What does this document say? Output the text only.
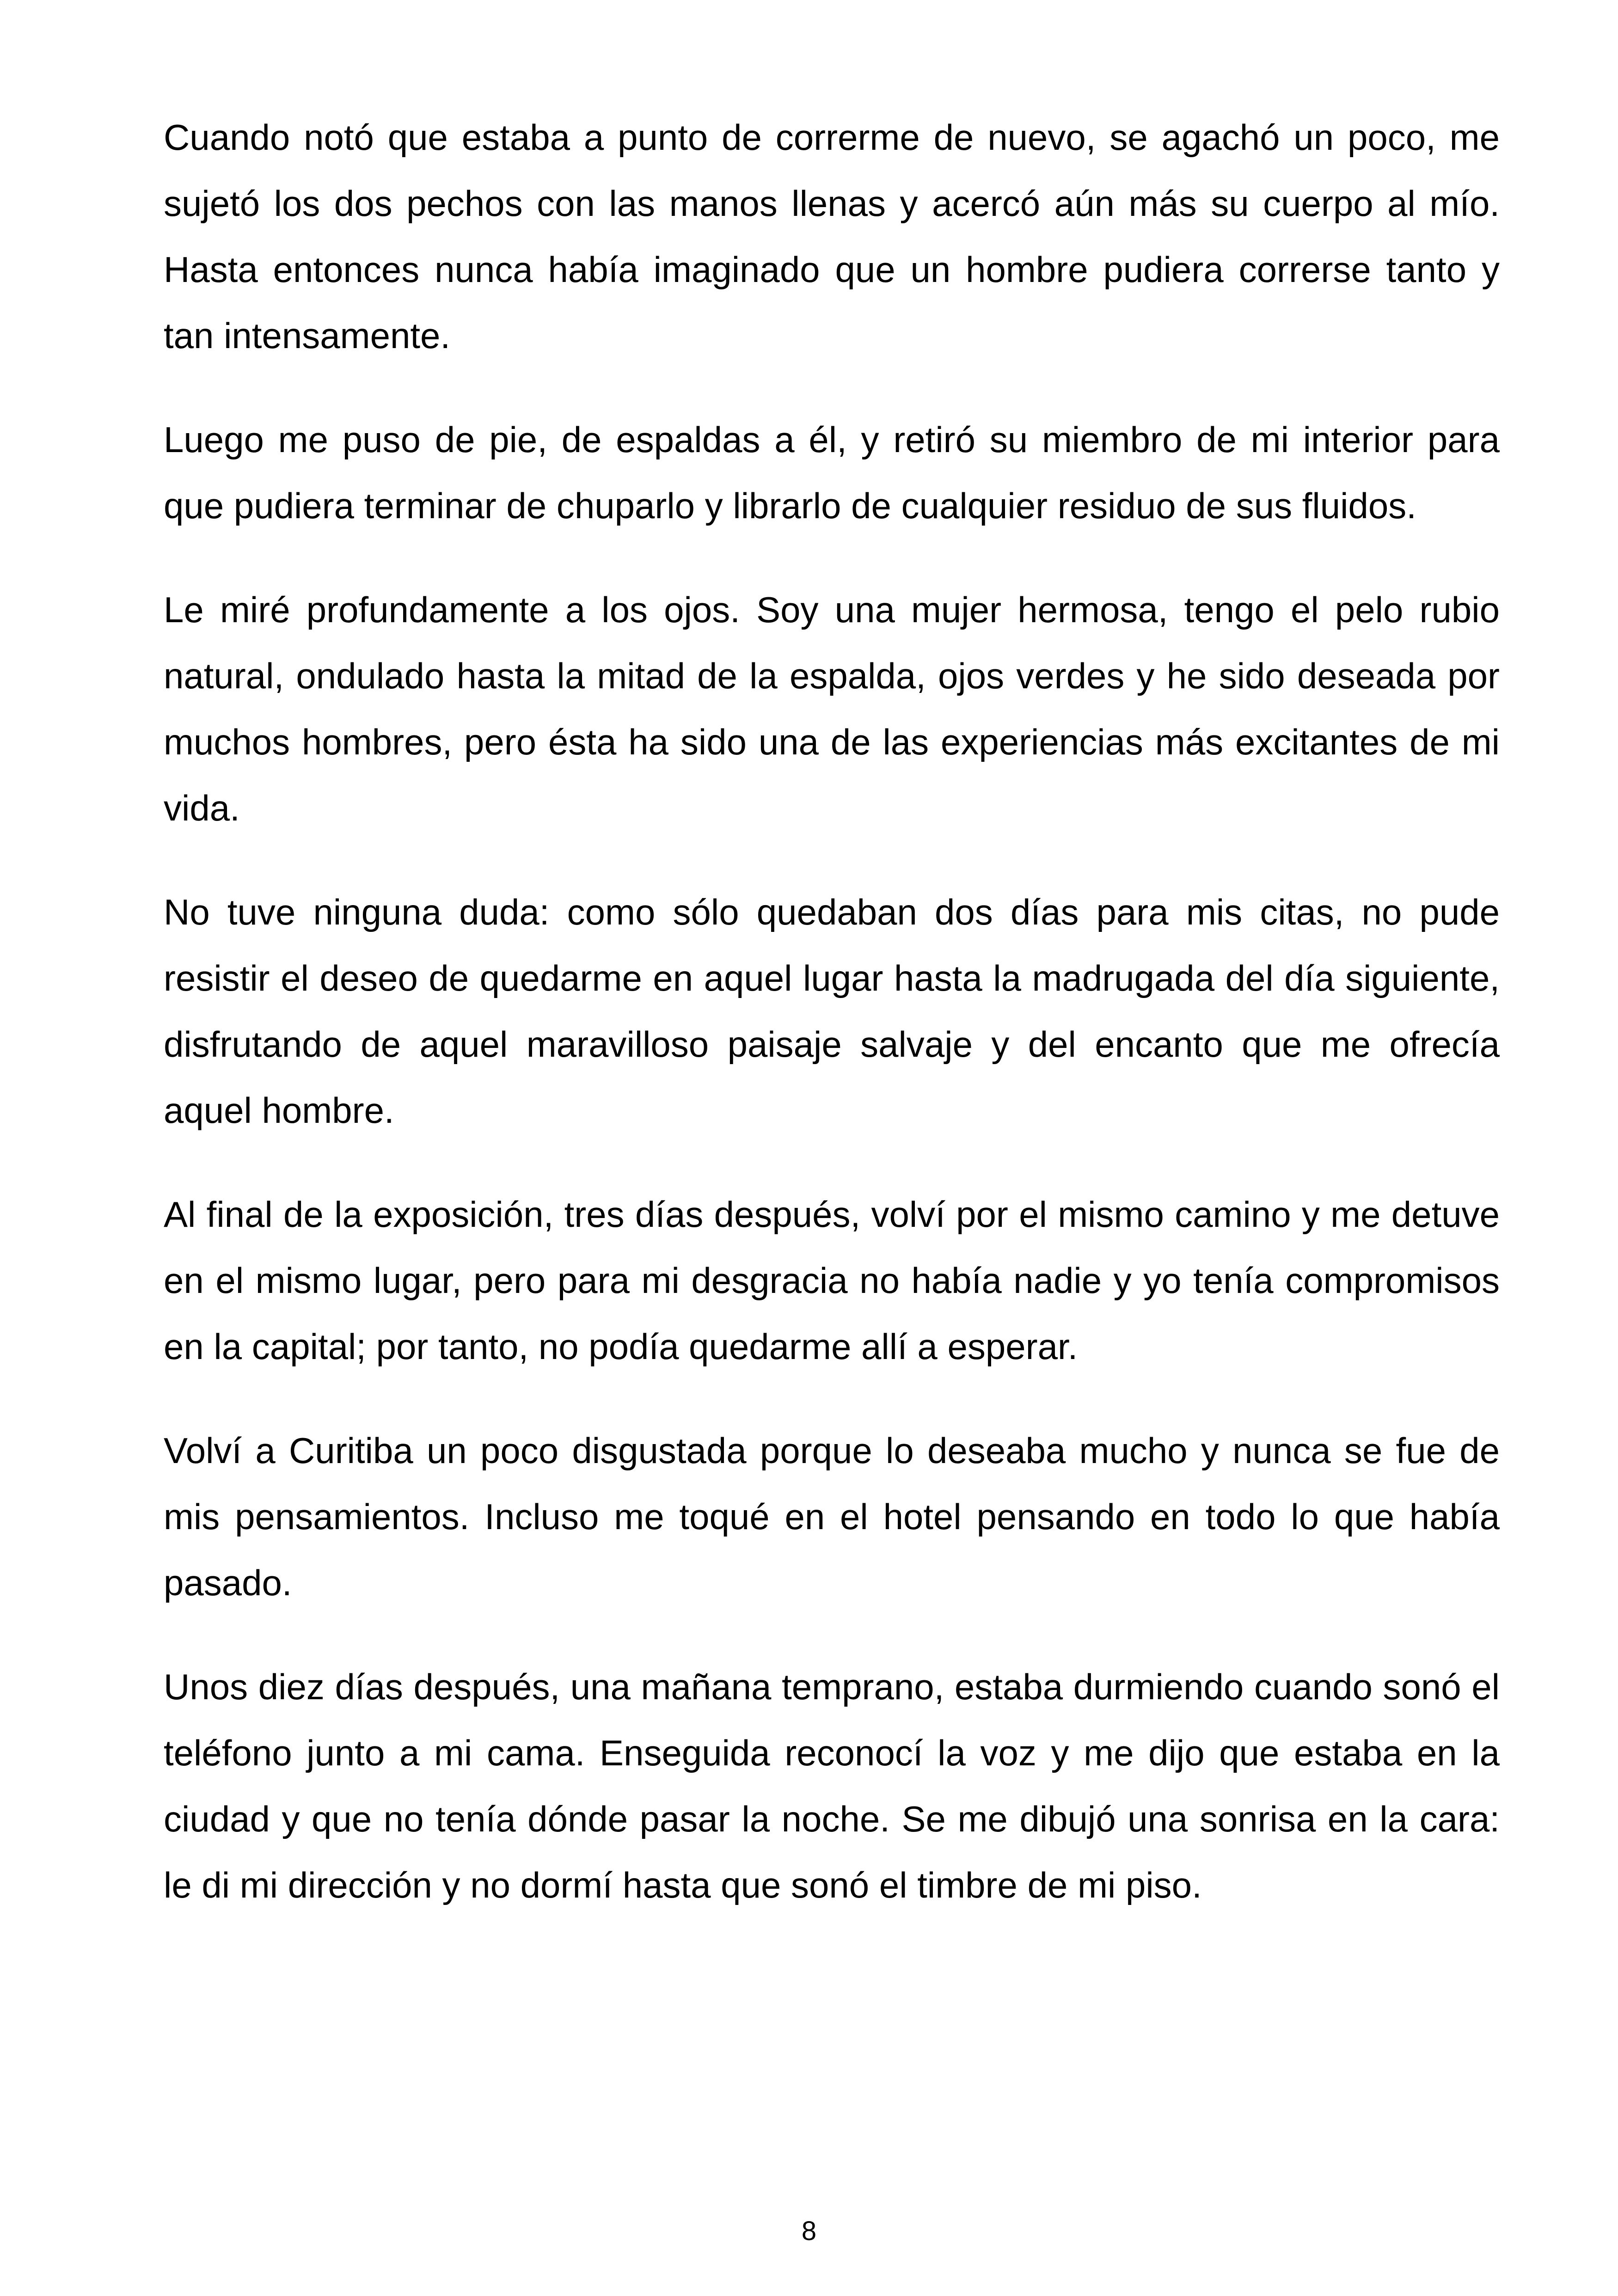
Cuando notó que estaba a punto de correrme de nuevo, se agachó un poco, me sujetó los dos pechos con las manos llenas y acercó aún más su cuerpo al mío. Hasta entonces nunca había imaginado que un hombre pudiera correrse tanto y tan intensamente.

Luego me puso de pie, de espaldas a él, y retiró su miembro de mi interior para que pudiera terminar de chuparlo y librarlo de cualquier residuo de sus fluidos.

Le miré profundamente a los ojos. Soy una mujer hermosa, tengo el pelo rubio natural, ondulado hasta la mitad de la espalda, ojos verdes y he sido deseada por muchos hombres, pero ésta ha sido una de las experiencias más excitantes de mi vida.

No tuve ninguna duda: como sólo quedaban dos días para mis citas, no pude resistir el deseo de quedarme en aquel lugar hasta la madrugada del día siguiente, disfrutando de aquel maravilloso paisaje salvaje y del encanto que me ofrecía aquel hombre.

Al final de la exposición, tres días después, volví por el mismo camino y me detuve en el mismo lugar, pero para mi desgracia no había nadie y yo tenía compromisos en la capital; por tanto, no podía quedarme allí a esperar.

Volví a Curitiba un poco disgustada porque lo deseaba mucho y nunca se fue de mis pensamientos. Incluso me toqué en el hotel pensando en todo lo que había pasado.

Unos diez días después, una mañana temprano, estaba durmiendo cuando sonó el teléfono junto a mi cama. Enseguida reconocí la voz y me dijo que estaba en la ciudad y que no tenía dónde pasar la noche. Se me dibujó una sonrisa en la cara: le di mi dirección y no dormí hasta que sonó el timbre de mi piso.

8
